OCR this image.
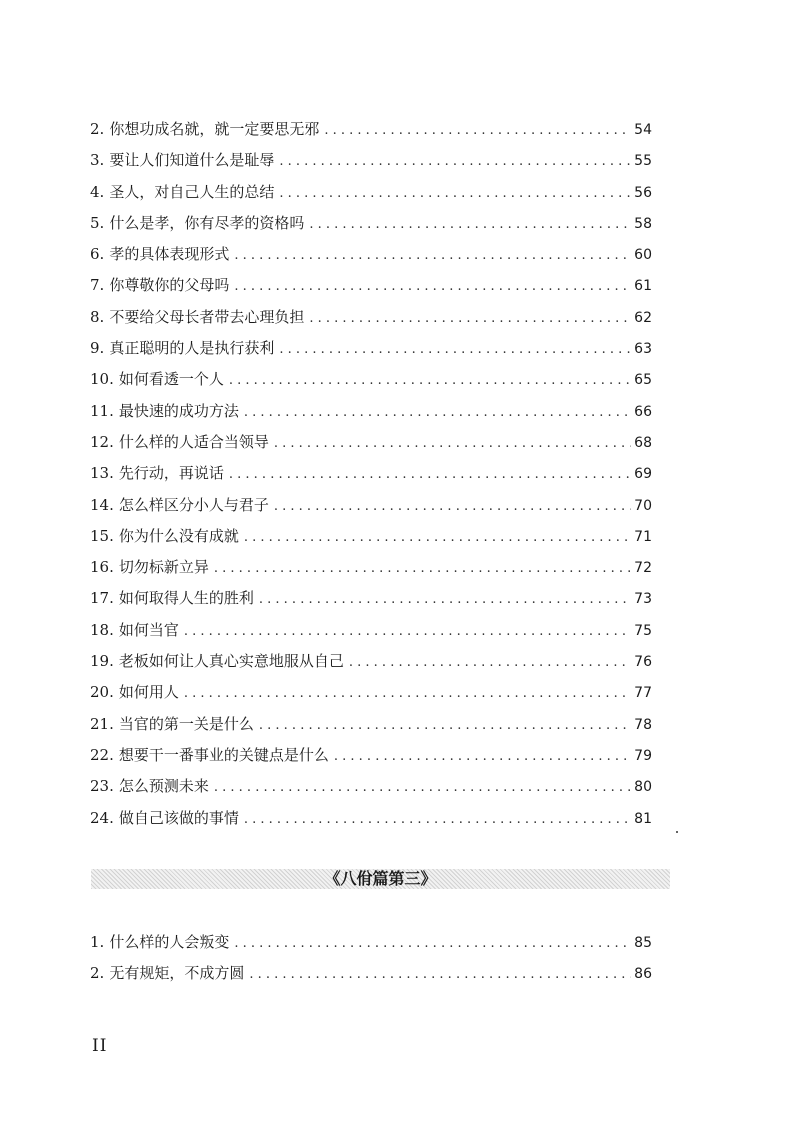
2. 你想功成名就，就一定要思无邪 . . .	54
3. 要让人们知道什么是耻辱 . . .	55
4. 圣人，对自己人生的总结 . . .	56
5. 什么是孝，你有尽孝的资格吗 . . .	58
6. 孝的具体表现形式 . . .	60
7. 你尊敬你的父母吗 . . .	61
8. 不要给父母长者带去心理负担 . . .	62
9. 真正聪明的人是执行获利 . . .	63
10. 如何看透一个人 . . .	65
11. 最快速的成功方法 . . .	66
12. 什么样的人适合当领导 . . .	68
13. 先行动，再说话 . . .	69
14. 怎么样区分小人与君子 . . .	70
15. 你为什么没有成就 . . .	71
16. 切勿标新立异 . . .	72
17. 如何取得人生的胜利 . . .	73
18. 如何当官 . . .	75
19. 老板如何让人真心实意地服从自己 . . .	76
20. 如何用人 . . .	77
21. 当官的第一关是什么 . . .	78
22. 想要干一番事业的关键点是什么 . . .	79
23. 怎么预测未来 . . .	80
24. 做自己该做的事情 . . .	81
《八佾篇第三》
1. 什么样的人会叛变 . . .	85
2. 无有规矩，不成方圆 . . .	86
II
